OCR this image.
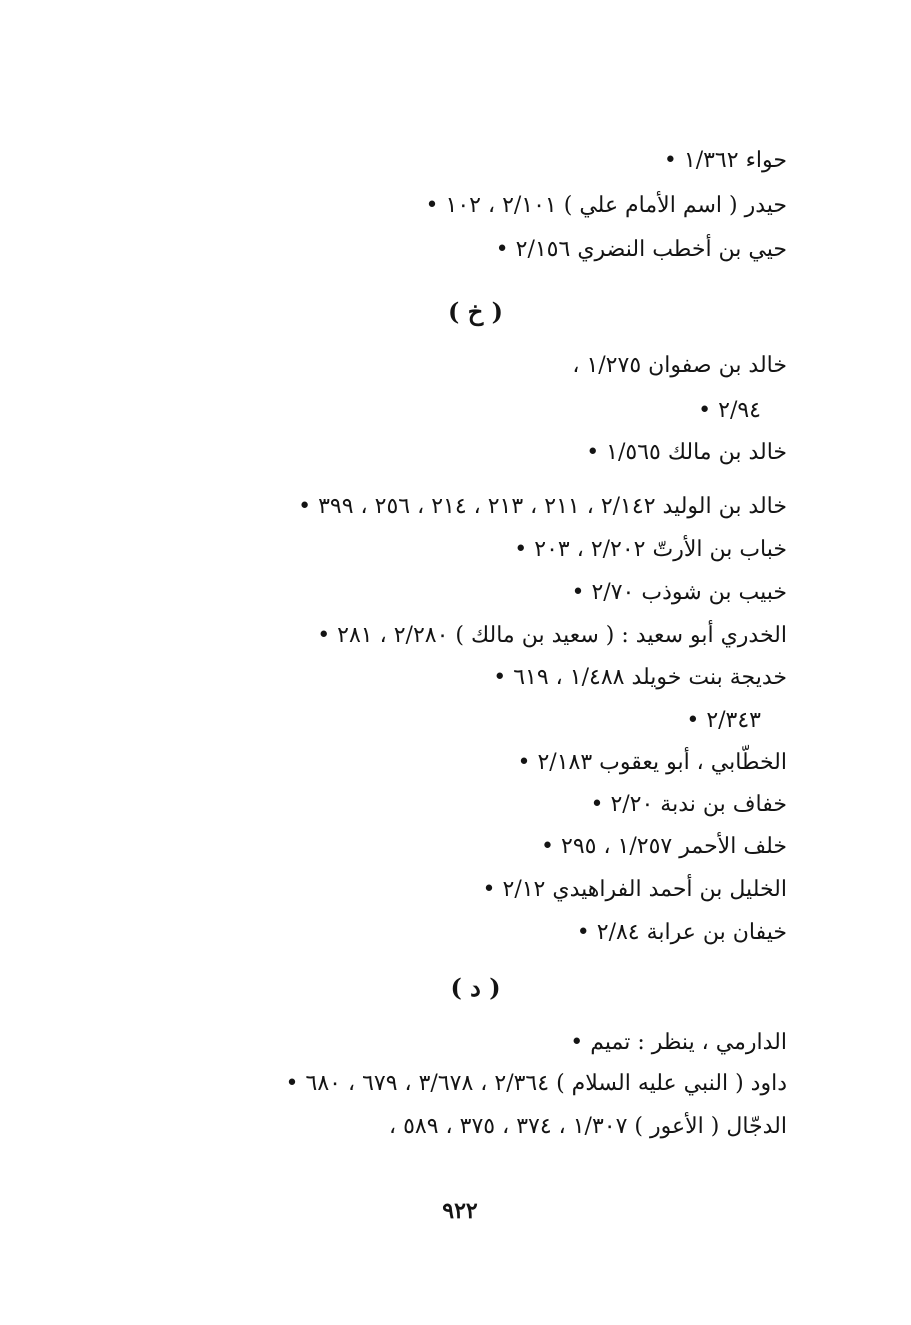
حواء ١/٣٦٢ •
حيدر ( اسم الأمام علي ) ٢/١٠١ ، ١٠٢ •
حيي بن أخطب النضري ٢/١٥٦ •
( خ )
خالد بن صفوان ١/٢٧٥ ،
٢/٩٤ •
خالد بن مالك ١/٥٦٥ •
خالد بن الوليد ٢/١٤٢ ، ٢١١ ، ٢١٣ ، ٢١٤ ، ٢٥٦ ، ٣٩٩ •
خباب بن الأرتّ ٢/٢٠٢ ، ٢٠٣ •
خبيب بن شوذب ٢/٧٠ •
الخدري أبو سعيد : ( سعيد بن مالك ) ٢/٢٨٠ ، ٢٨١ •
خديجة بنت خويلد ١/٤٨٨ ، ٦١٩ •
٢/٣٤٣ •
الخطّابي ، أبو يعقوب ٢/١٨٣ •
خفاف بن ندبة ٢/٢٠ •
خلف الأحمر ١/٢٥٧ ، ٢٩٥ •
الخليل بن أحمد الفراهيدي ٢/١٢ •
خيفان بن عرابة ٢/٨٤ •
( د )
الدارمي ، ينظر : تميم •
داود ( النبي عليه السلام ) ٢/٣٦٤ ، ٣/٦٧٨ ، ٦٧٩ ، ٦٨٠ •
الدجّال ( الأعور ) ١/٣٠٧ ، ٣٧٤ ، ٣٧٥ ، ٥٨٩ ،
٩٢٢
